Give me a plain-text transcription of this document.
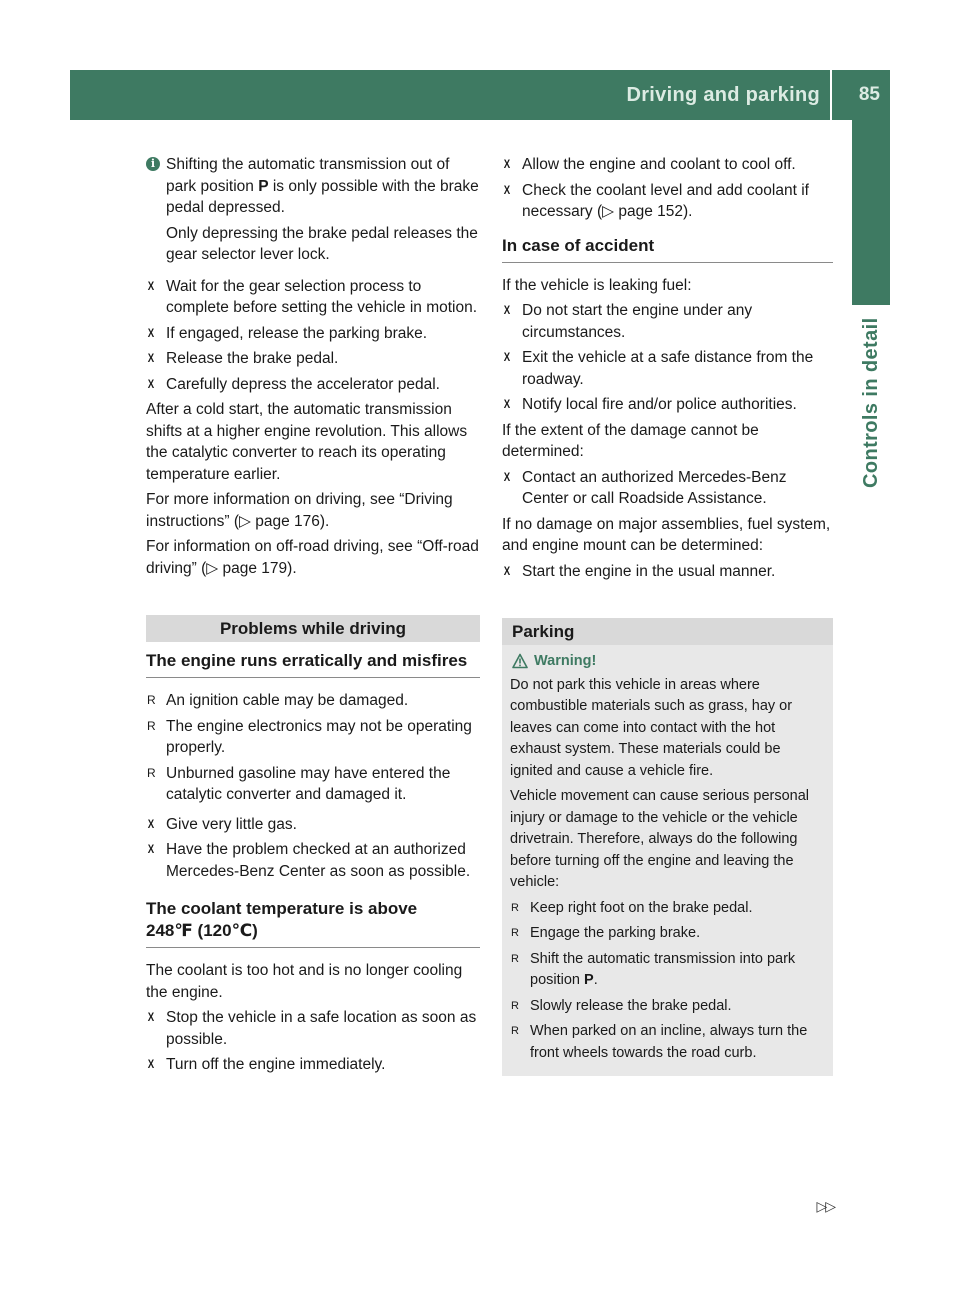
Driving and parking 85
Controls in detail
i Shifting the automatic transmission out of park position P is only possible with the brake pedal depressed.
Only depressing the brake pedal releases the gear selector lever lock.
X Wait for the gear selection process to complete before setting the vehicle in motion.
X If engaged, release the parking brake.
X Release the brake pedal.
X Carefully depress the accelerator pedal.

After a cold start, the automatic transmission shifts at a higher engine revolution. This allows the catalytic converter to reach its operating temperature earlier.

For more information on driving, see “Driving instructions” (▷ page 176).

For information on off-road driving, see “Off-road driving” (▷ page 179).

Problems while driving
The engine runs erratically and misfires
R An ignition cable may be damaged.
R The engine electronics may not be operating properly.
R Unburned gasoline may have entered the catalytic converter and damaged it.
X Give very little gas.
X Have the problem checked at an authorized Mercedes-Benz Center as soon as possible.
The coolant temperature is above
248℉ (120℃)

The coolant is too hot and is no longer cooling the engine.

X Stop the vehicle in a safe location as soon as possible.
X Turn off the engine immediately.
X Allow the engine and coolant to cool off.
X Check the coolant level and add coolant if necessary (▷ page 152).
In case of accident

If the vehicle is leaking fuel:

X Do not start the engine under any circumstances.
X Exit the vehicle at a safe distance from the roadway.
X Notify local fire and/or police authorities.

If the extent of the damage cannot be determined:

X Contact an authorized Mercedes-Benz Center or call Roadside Assistance.

If no damage on major assemblies, fuel system, and engine mount can be determined:

X Start the engine in the usual manner.
Parking
Warning!

Do not park this vehicle in areas where combustible materials such as grass, hay or leaves can come into contact with the hot exhaust system. These materials could be ignited and cause a vehicle fire.

Vehicle movement can cause serious personal injury or damage to the vehicle or the vehicle drivetrain. Therefore, always do the following before turning off the engine and leaving the vehicle:

R Keep right foot on the brake pedal.
R Engage the parking brake.
R Shift the automatic transmission into park position P.
R Slowly release the brake pedal.
R When parked on an incline, always turn the front wheels towards the road curb.
▷▷
